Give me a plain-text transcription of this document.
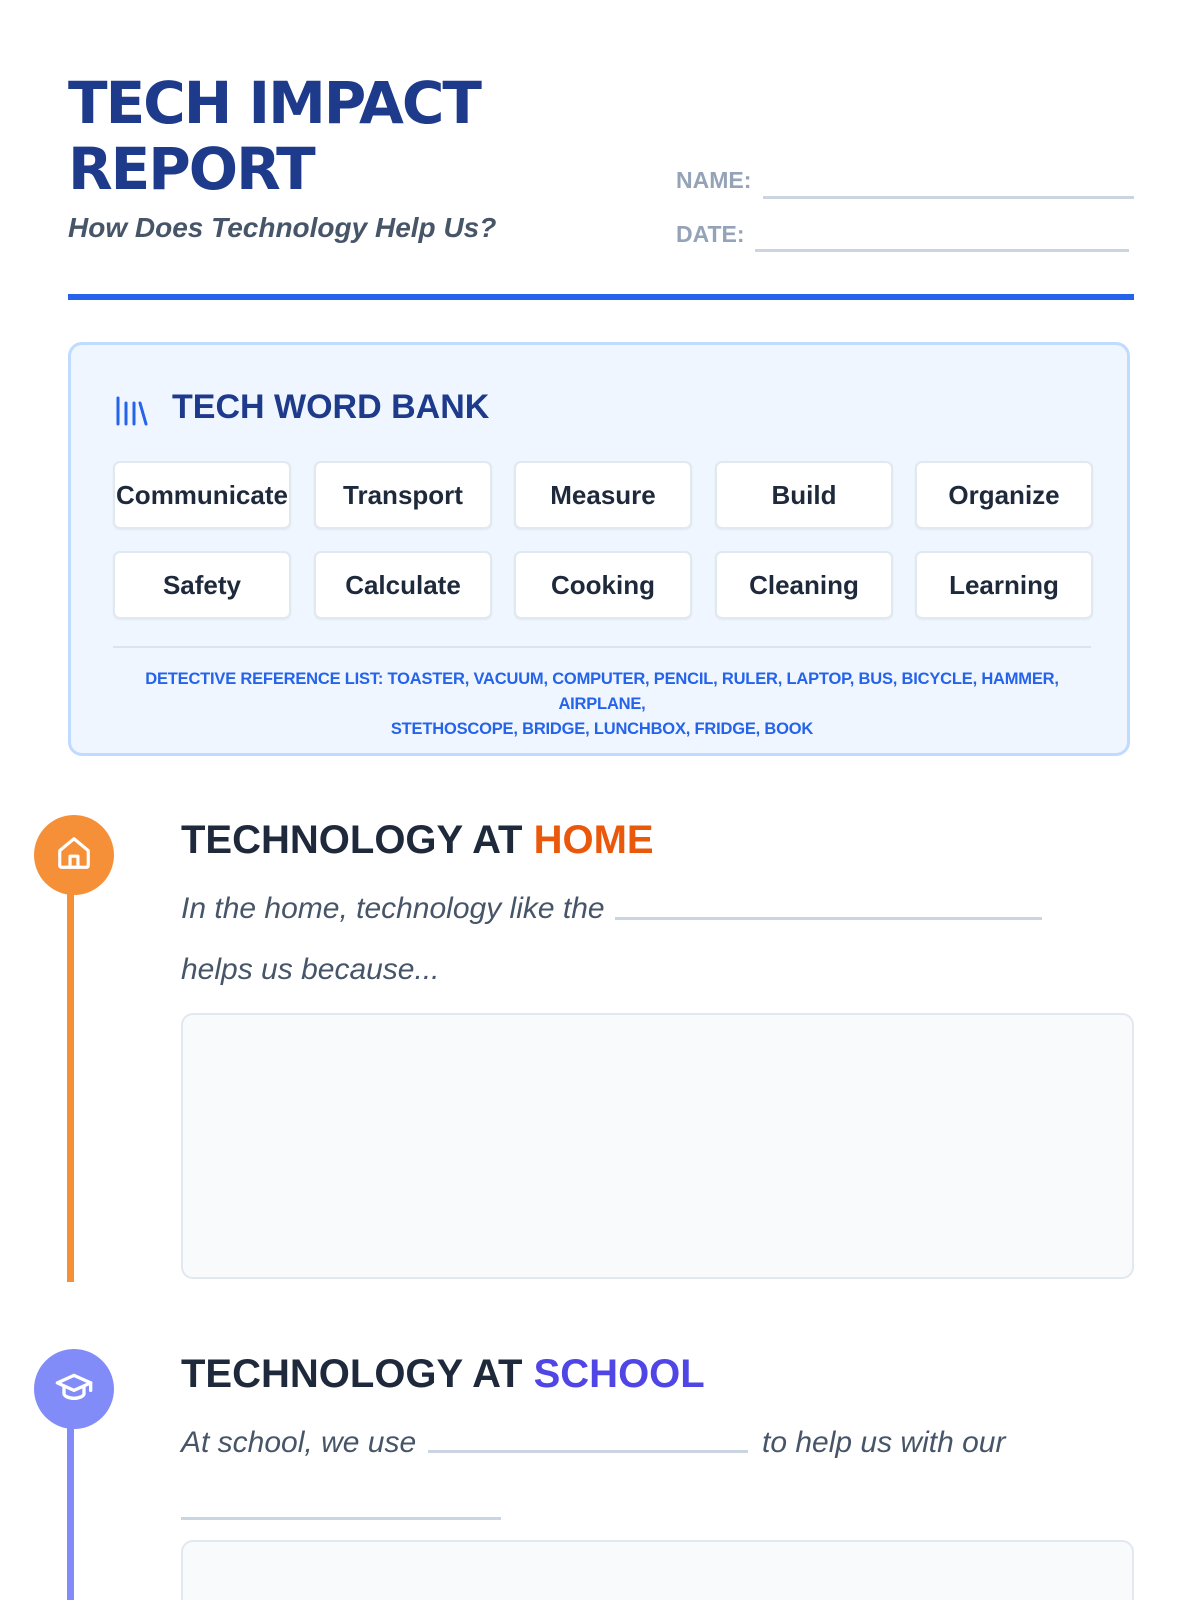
TECH IMPACT
REPORT

How Does Technology Help Us?

NAME:
DATE:
TECH WORD BANK
Communicate	Transport	Measure	Build	Organize
Safety	Calculate	Cooking	Cleaning	Learning
DETECTIVE REFERENCE LIST: TOASTER, VACUUM, COMPUTER, PENCIL, RULER, LAPTOP, BUS, BICYCLE, HAMMER, AIRPLANE,
STETHOSCOPE, BRIDGE, LUNCHBOX, FRIDGE, BOOK
TECHNOLOGY AT HOME
In the home, technology like the
helps us because...
TECHNOLOGY AT SCHOOL
At school, we use	to help us with our
